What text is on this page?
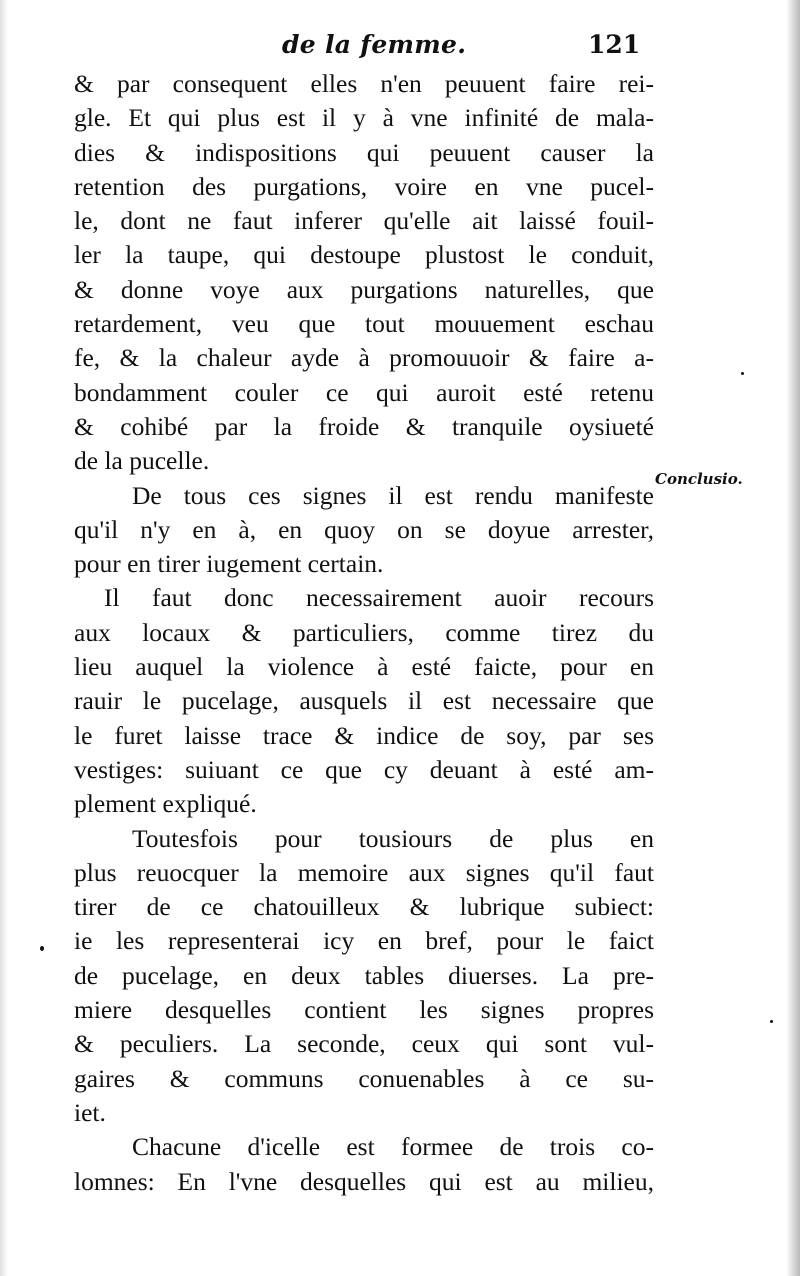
de la femme.	121
Conclusio.
& par consequent elles n'en peuuent faire rei-
gle. Et qui plus est il y à vne infinité de mala-
dies & indispositions qui peuuent causer la
retention des purgations, voire en vne pucel-
le, dont ne faut inferer qu'elle ait laissé fouil-
ler la taupe, qui destoupe plustost le conduit,
& donne voye aux purgations naturelles, que
retardement, veu que tout mouuement eschau
fe, & la chaleur ayde à promouuoir & faire a-
bondamment couler ce qui auroit esté retenu
& cohibé par la froide & tranquile oysiueté
de la pucelle.
De tous ces signes il est rendu manifeste
qu'il n'y en à, en quoy on se doyue arrester,
pour en tirer iugement certain.
Il faut donc necessairement auoir recours
aux locaux & particuliers, comme tirez du
lieu auquel la violence à esté faicte, pour en
rauir le pucelage, ausquels il est necessaire que
le furet laisse trace & indice de soy, par ses
vestiges: suiuant ce que cy deuant à esté am-
plement expliqué.
Toutesfois pour tousiours de plus en
plus reuocquer la memoire aux signes qu'il faut
tirer de ce chatouilleux & lubrique subiect:
ie les representerai icy en bref, pour le faict
de pucelage, en deux tables diuerses. La pre-
miere desquelles contient les signes propres
& peculiers. La seconde, ceux qui sont vul-
gaires & communs conuenables à ce su-
iet.
Chacune d'icelle est formee de trois co-
lomnes: En l'vne desquelles qui est au milieu,
